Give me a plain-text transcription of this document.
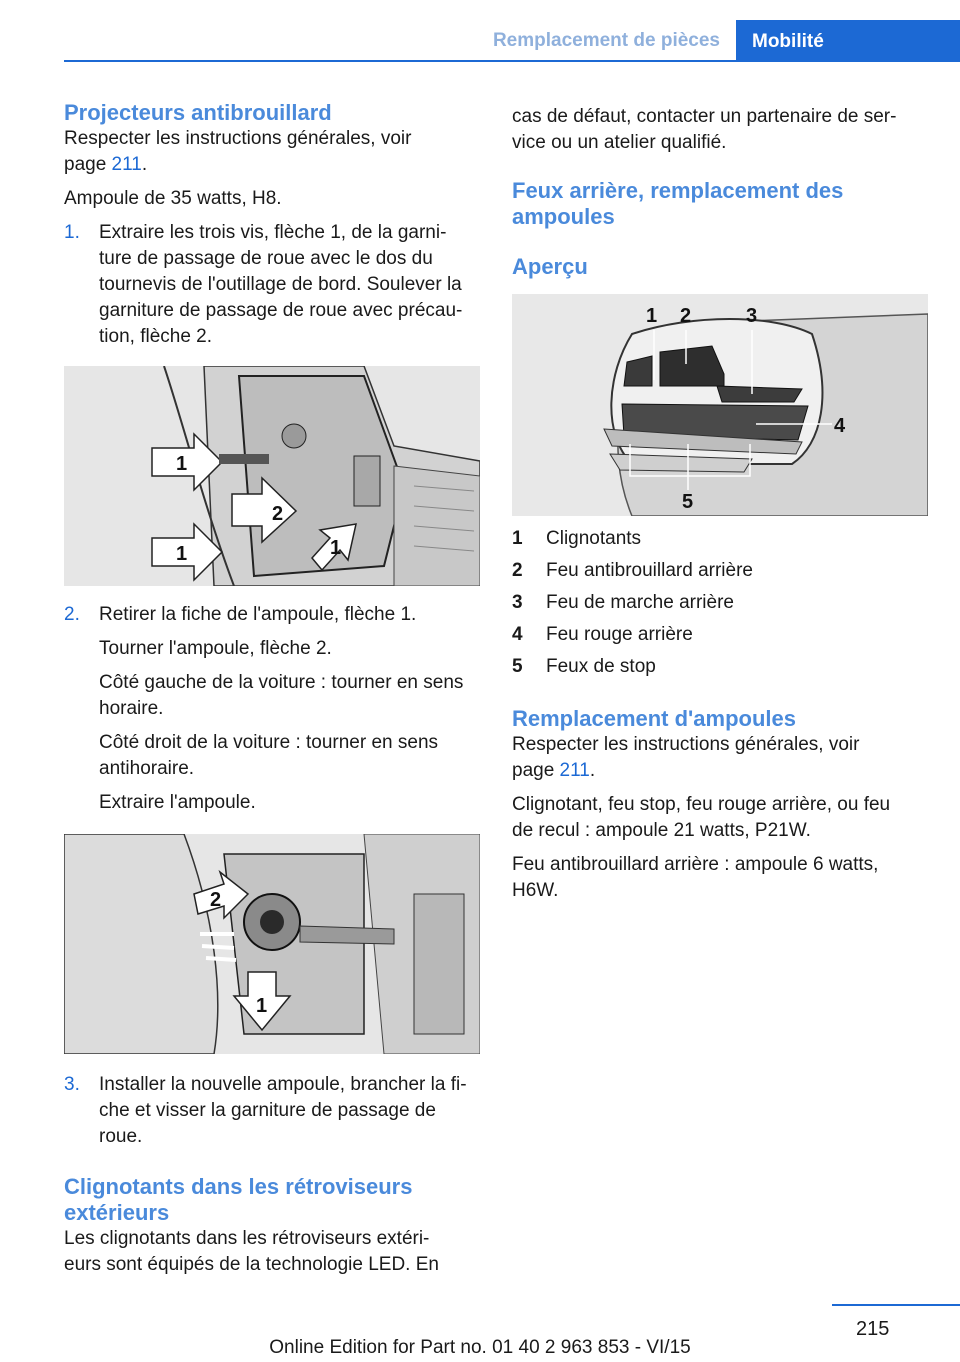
Remplacement de pièces Mobilité
Projecteurs antibrouillard

Respecter les instructions générales, voir

page 211.

Ampoule de 35 watts, H8.

1. Extraire les trois vis, flèche 1, de la garni-

ture de passage de roue avec le dos du

tournevis de l'outillage de bord. Soulever la

garniture de passage de roue avec précau-

tion, flèche 2.

1
2
1	1
2. Retirer la fiche de l'ampoule, flèche 1.

Tourner l'ampoule, flèche 2.

Côté gauche de la voiture : tourner en sens

horaire.

Côté droit de la voiture : tourner en sens

antihoraire.

Extraire l'ampoule.

2
1
3. Installer la nouvelle ampoule, brancher la fi-

che et visser la garniture de passage de

roue.

Clignotants dans les rétroviseurs
extérieurs

Les clignotants dans les rétroviseurs extéri-

eurs sont équipés de la technologie LED. En

cas de défaut, contacter un partenaire de ser-

vice ou un atelier qualifié.

Feux arrière, remplacement des
ampoules
Aperçu
1 2	3
4
5
1	Clignotants
2	Feu antibrouillard arrière
3	Feu de marche arrière
4	Feu rouge arrière
5	Feux de stop
Remplacement d'ampoules

Respecter les instructions générales, voir

page 211.

Clignotant, feu stop, feu rouge arrière, ou feu

de recul : ampoule 21 watts, P21W.

Feu antibrouillard arrière : ampoule 6 watts,

H6W.

215
Online Edition for Part no. 01 40 2 963 853 - VI/15
